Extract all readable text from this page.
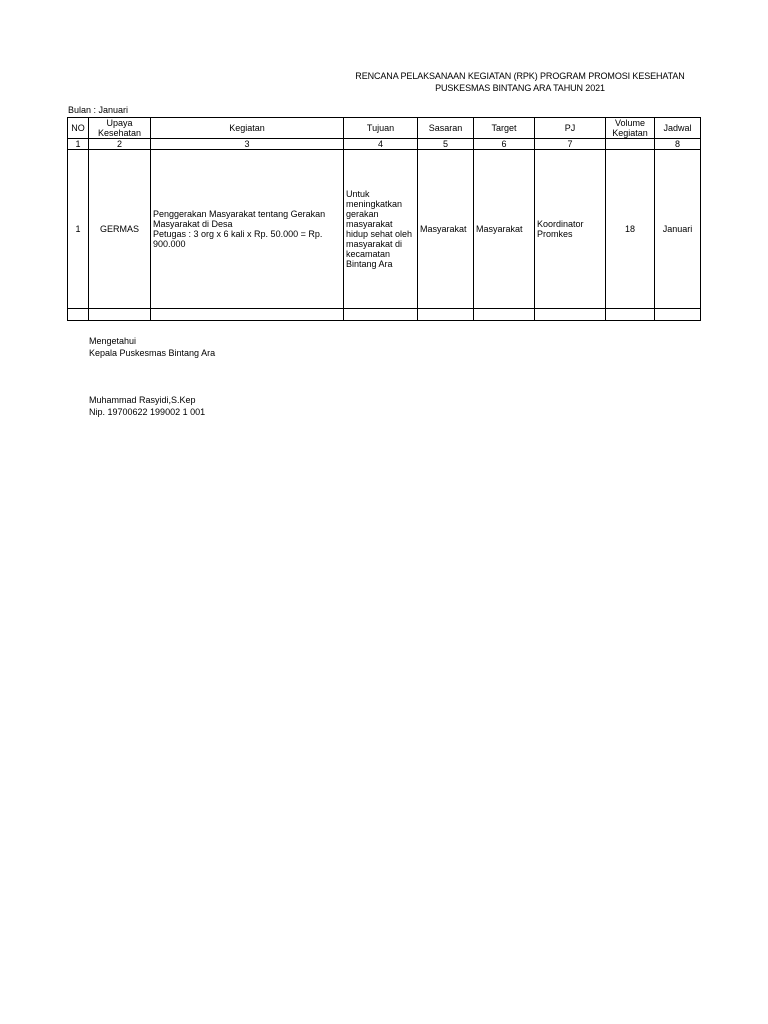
RENCANA PELAKSANAAN KEGIATAN (RPK) PROGRAM PROMOSI KESEHATAN
PUSKESMAS BINTANG ARA TAHUN 2021
Bulan : Januari
NO	Upaya Kesehatan	Kegiatan	Tujuan	Sasaran	Target	PJ	Volume Kegiatan	Jadwal
1	2	3	4	5	6	7		8
1	GERMAS	Penggerakan Masyarakat tentang Gerakan Masyarakat di Desa
Petugas : 3 org x 6 kali x Rp. 50.000 = Rp. 900.000	Untuk meningkatkan gerakan masyarakat hidup sehat oleh masyarakat di kecamatan Bintang Ara	Masyarakat	Masyarakat	Koordinator Promkes	18	Januari

Mengetahui
Kepala Puskesmas Bintang Ara
Muhammad Rasyidi,S.Kep
Nip. 19700622 199002 1 001
